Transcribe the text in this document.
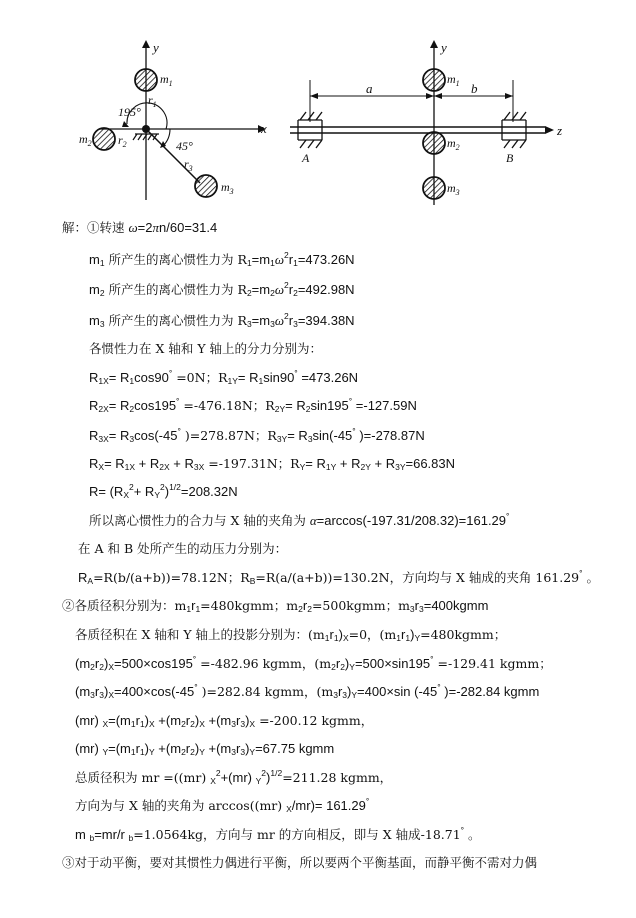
y
x
195°
45°
$r_1$
$r_2$
$r_3$
$m_1$
$m_2$
$m_3$
y
z
a	b
A	B
$m_1$
$m_2$
$m_3$
解：①转速 ω=2πn/60=31.4
$m_1$ 所产生的离心惯性力为 $R_1=m_1\omega^2r_1=473.26N$
$m_2$ 所产生的离心惯性力为 $R_2=m_2\omega^2r_2=492.98N$
$m_3$ 所产生的离心惯性力为 $R_3=m_3\omega^2r_3=394.38N$
各惯性力在 X 轴和 Y 轴上的分力分别为：
$R_{1X}= R_1\cos 90^\circ =0N$；$R_{1Y}= R_1\sin 90^\circ =473.26N$
$R_{2X}= R_2\cos 195^\circ =-476.18N$；$R_{2Y}= R_2\sin 195^\circ =-127.59N$
$R_{3X}= R_3\cos(-45^\circ$ )=278.87N；$R_{3Y}= R_3\sin(-45^\circ$ )=-278.87N
$R_X= R_{1X} + R_{2X} + R_{3X} =-197.31N$；$R_Y= R_{1Y} + R_{2Y} + R_{3Y}=66.83N$
$R= (R_X^2+ R_Y^2)^{1/2}=208.32N$
所以离心惯性力的合力与 X 轴的夹角为 α=arccos(-197.31/208.32)=161.29°
在 A 和 B 处所产生的动压力分别为：
$R_A=R(b/(a+b))=78.12N$；$R_B=R(a/(a+b))=130.2N$，方向均与 X 轴成的夹角 161.29° 。
②各质径积分别为：$m_1r_1=480kgmm$；$m_2r_2=500kgmm$；$m_3r_3=400kgmm$
各质径积在 X 轴和 Y 轴上的投影分别为：$(m_1r_1)_X=0$，$(m_1r_1)_Y=480kgmm$；
$(m_2r_2)_X=500\times\cos 195^\circ =-482.96$ kgmm，$(m_2r_2)_Y=500\times\sin 195^\circ =-129.41$ kgmm；
$(m_3r_3)_X=400\times\cos(-45^\circ$ )=282.84 kgmm，$(m_3r_3)_Y=400\times\sin$ (-45° )=-282.84 kgmm
(mr) $_X=(m_1r_1)_X +(m_2r_2)_X +(m_3r_3)_X =-200.12$ kgmm，
(mr) $_Y=(m_1r_1)_Y +(m_2r_2)_Y +(m_3r_3)_Y=67.75$ kgmm
总质径积为 mr =((mr) $_X^2$+(mr) $_Y^2$)$^{1/2}$=211.28 kgmm，
方向为与 X 轴的夹角为 arccos((mr) $_X$/mr)= 161.29°
m $_b$=mr/r $_b$=1.0564kg，方向与 mr 的方向相反，即与 X 轴成-18.71° 。
③对于动平衡，要对其惯性力偶进行平衡，所以要两个平衡基面，而静平衡不需对力偶
